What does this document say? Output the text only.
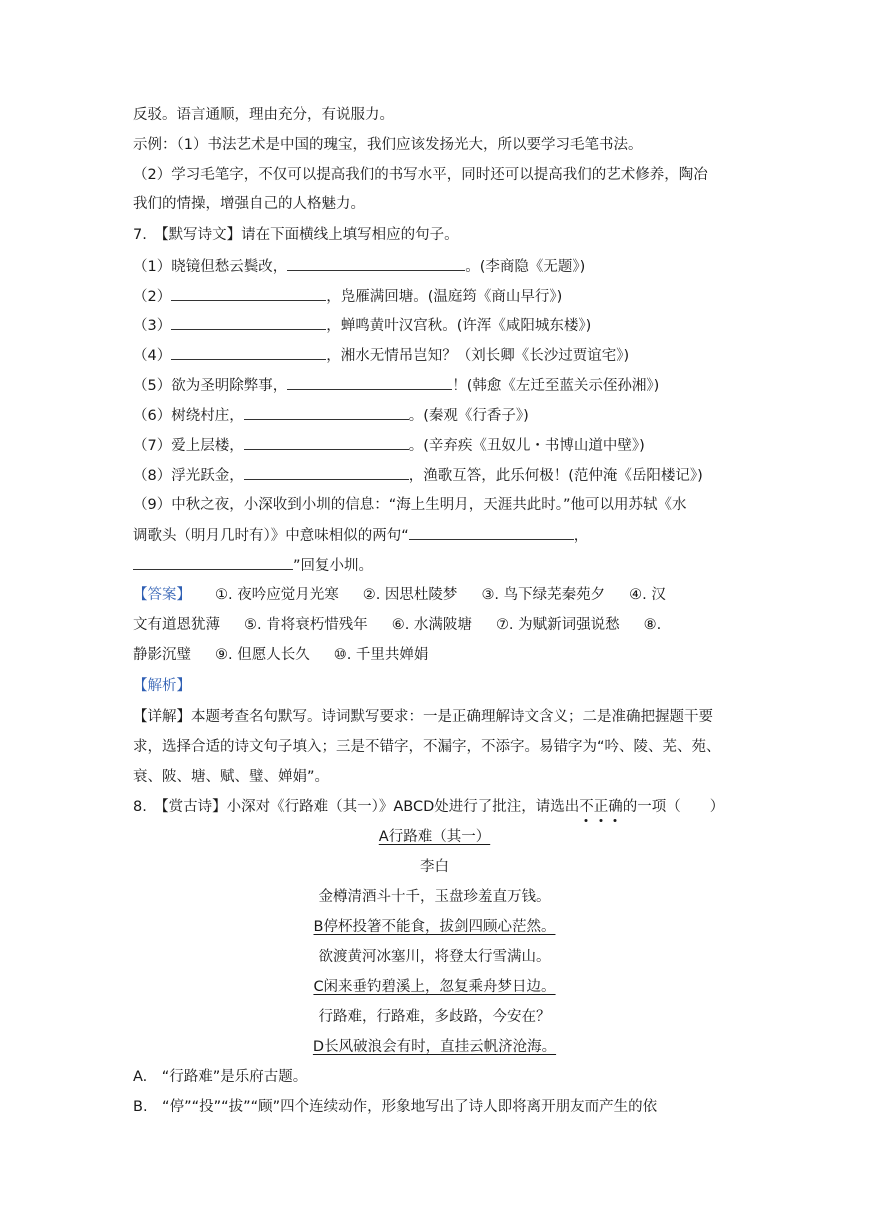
反驳。语言通顺，理由充分，有说服力。
示例：（1）书法艺术是中国的瑰宝，我们应该发扬光大，所以要学习毛笔书法。
（2）学习毛笔字，不仅可以提高我们的书写水平，同时还可以提高我们的艺术修养，陶冶
我们的情操，增强自己的人格魅力。
7.　【默写诗文】请在下面横线上填写相应的句子。
（1）晓镜但愁云鬓改，	。(李商隐《无题》)
（2）	，凫雁满回塘。(温庭筠《商山早行》)
（3）	，蝉鸣黄叶汉宫秋。(许浑《咸阳城东楼》)
（4）	，湘水无情吊岂知？（刘长卿《长沙过贾谊宅》)
（5）欲为圣明除弊事，	！(韩愈《左迁至蓝关示侄孙湘》)
（6）树绕村庄，	。(秦观《行香子》)
（7）爱上层楼，	。(辛弃疾《丑奴儿・书博山道中壁》)
（8）浮光跃金，	，渔歌互答，此乐何极！(范仲淹《岳阳楼记》)
（9）中秋之夜，小深收到小圳的信息：“海上生明月，天涯共此时。”他可以用苏轼《水
调歌头（明月几时有）》中意味相似的两句“	，
”回复小圳。
【答案】 ①. 夜吟应觉月光寒 ②. 因思杜陵梦 ③. 鸟下绿芜秦苑夕 ④. 汉
文有道恩犹薄 ⑤. 肯将衰朽惜残年 ⑥. 水满陂塘 ⑦. 为赋新词强说愁 ⑧.
静影沉璧 ⑨. 但愿人长久 ⑩. 千里共婵娟
【解析】
【详解】本题考查名句默写。诗词默写要求：一是正确理解诗文含义；二是准确把握题干要
求，选择合适的诗文句子填入；三是不错字，不漏字，不添字。易错字为“吟、陵、芜、苑、
衰、陂、塘、赋、璧、婵娟”。
8.　【赏古诗】小深对《行路难（其一）》ABCD处进行了批注，请选出不正确的一项（　　）
A行路难（其一）
李白
金樽清酒斗十千，玉盘珍羞直万钱。
B停杯投箸不能食，拔剑四顾心茫然。
欲渡黄河冰塞川，将登太行雪满山。
C闲来垂钓碧溪上，忽复乘舟梦日边。
行路难，行路难，多歧路，今安在？
D长风破浪会有时，直挂云帆济沧海。
A.　“行路难”是乐府古题。
B.　“停”“投”“拔”“顾”四个连续动作，形象地写出了诗人即将离开朋友而产生的依
